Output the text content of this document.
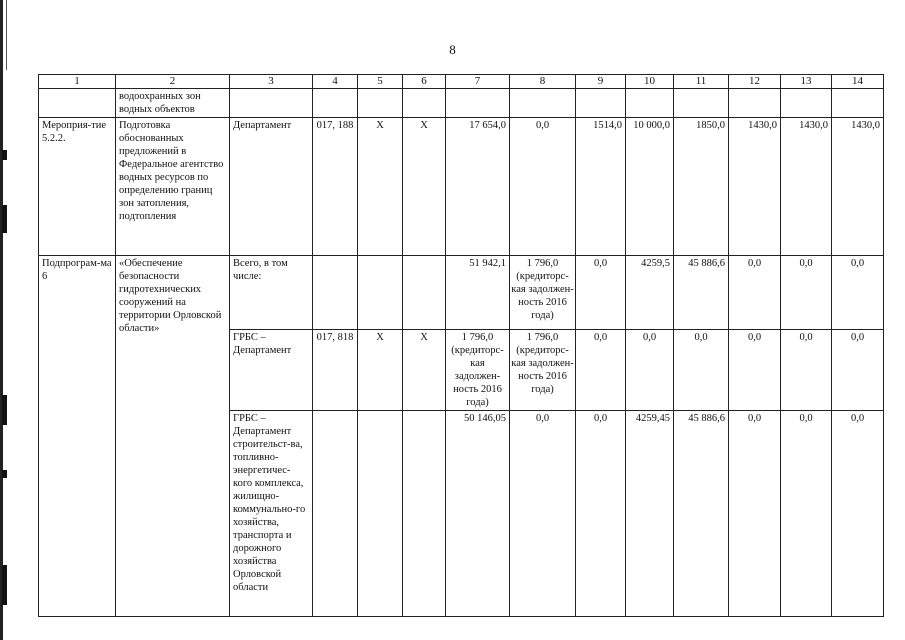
8
1	2	3	4	5	6	7	8	9	10	11	12	13	14
	водоохранных зон водных объектов												
Мероприя-тие 5.2.2.	Подготовка обоснованных предложений в Федеральное агентство водных ресурсов по определению границ зон затопления, подтопления	Департамент	017, 188	X	X	17 654,0	0,0	1514,0	10 000,0	1850,0	1430,0	1430,0	1430,0
Подпрограм-ма 6	«Обеспечение безопасности гидротехнических сооружений на территории Орловской области»	Всего, в том числе:				51 942,1	1 796,0 (кредиторс-кая задолжен-ность 2016 года)	0,0	4259,5	45 886,6	0,0	0,0	0,0
		ГРБС – Департамент	017, 818	X	X	1 796,0 (кредиторс-кая задолжен-ность 2016 года)	1 796,0 (кредиторс-кая задолжен-ность 2016 года)	0,0	0,0	0,0	0,0	0,0	0,0
		ГРБС – Департамент строительст-ва, топливно-энергетичес-кого комплекса, жилищно-коммунально-го хозяйства, транспорта и дорожного хозяйства Орловской области				50 146,05	0,0	0,0	4259,45	45 886,6	0,0	0,0	0,0
